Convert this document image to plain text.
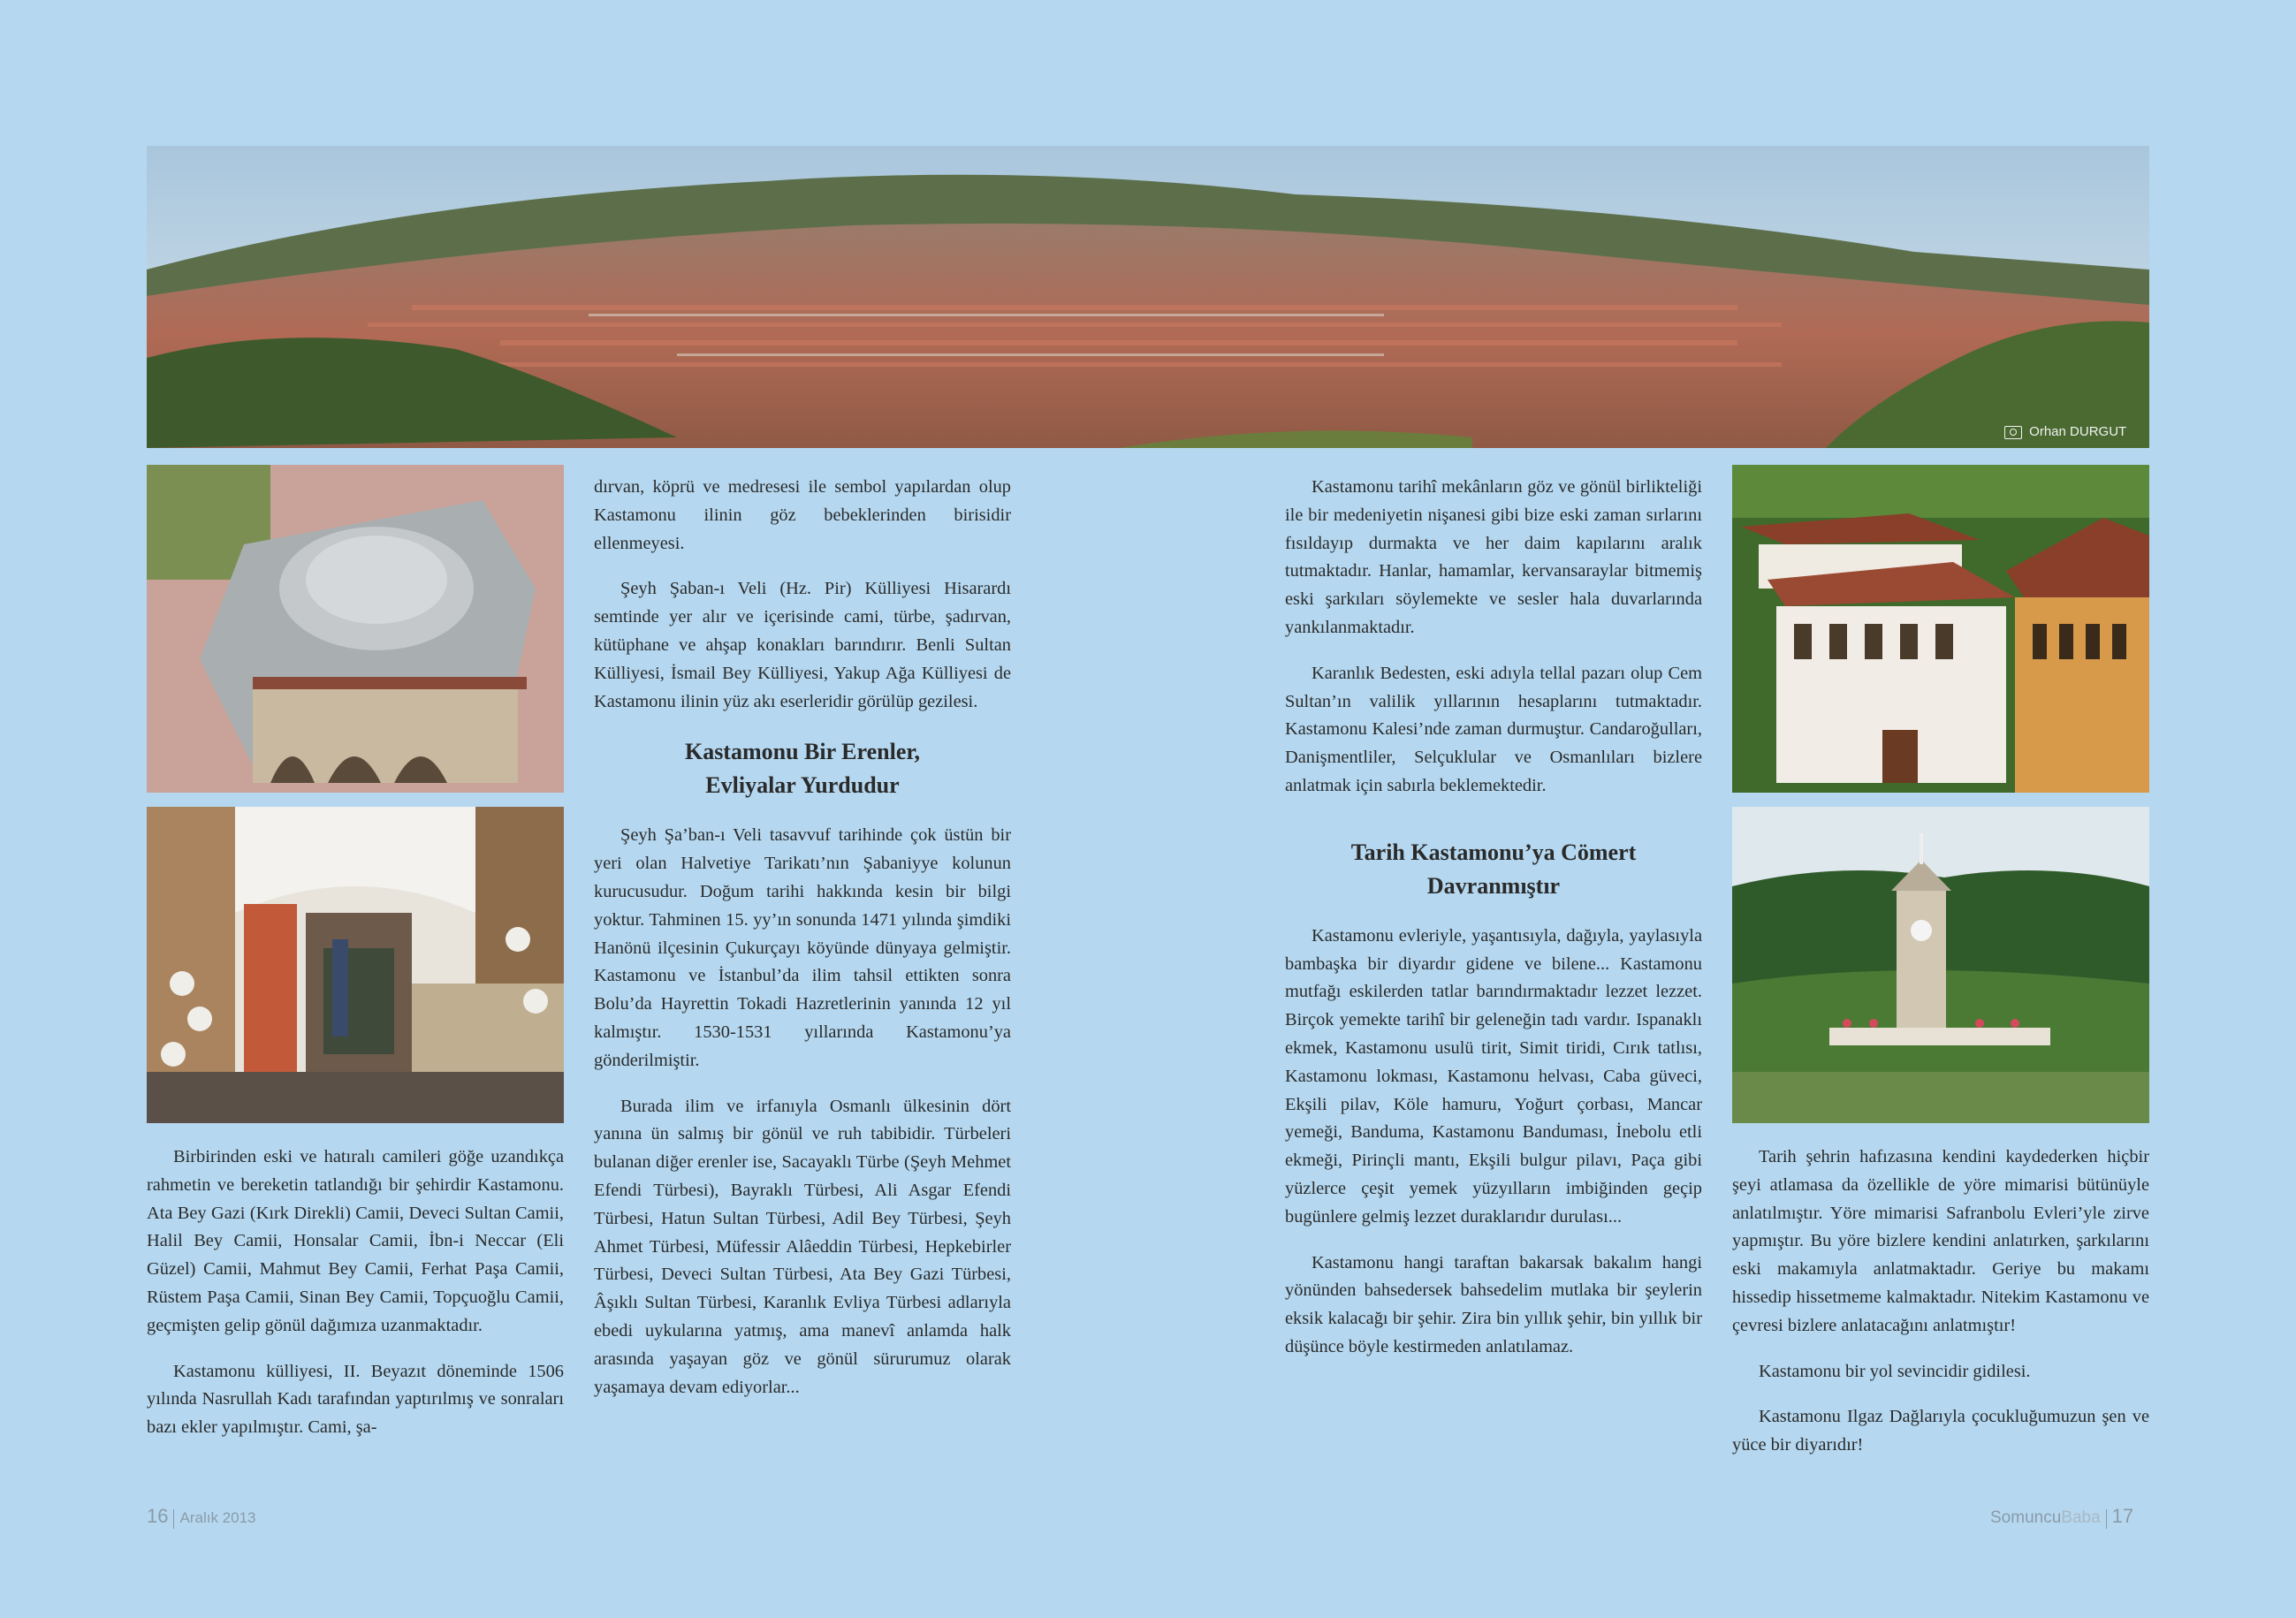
Orhan DURGUT

Birbirinden eski ve hatıralı camileri göğe uzandıkça rahmetin ve bereketin tatlandığı bir şehirdir Kastamonu. Ata Bey Gazi (Kırk Direkli) Camii, Deveci Sultan Camii, Halil Bey Camii, Honsalar Camii, İbn-i Neccar (Eli Güzel) Camii, Mahmut Bey Camii, Ferhat Paşa Camii, Rüstem Paşa Camii, Sinan Bey Camii, Topçuoğlu Camii, geçmişten gelip gönül dağımıza uzanmaktadır.

Kastamonu külliyesi, II. Beyazıt döneminde 1506 yılında Nasrullah Kadı tarafından yaptırılmış ve sonraları bazı ekler yapılmıştır. Cami, şa-

dırvan, köprü ve medresesi ile sembol yapılardan olup Kastamonu ilinin göz bebeklerinden birisidir ellenmeyesi.

Şeyh Şaban-ı Veli (Hz. Pir) Külliyesi Hisarardı semtinde yer alır ve içerisinde cami, türbe, şadırvan, kütüphane ve ahşap konakları barındırır. Benli Sultan Külliyesi, İsmail Bey Külliyesi, Yakup Ağa Külliyesi de Kastamonu ilinin yüz akı eserleridir görülüp gezilesi.

Kastamonu Bir Erenler, Evliyalar Yurdudur

Şeyh Şa’ban-ı Veli tasavvuf tarihinde çok üstün bir yeri olan Halvetiye Tarikatı’nın Şabaniyye kolunun kurucusudur. Doğum tarihi hakkında kesin bir bilgi yoktur. Tahminen 15. yy’ın sonunda 1471 yılında şimdiki Hanönü ilçesinin Çukurçayı köyünde dünyaya gelmiştir. Kastamonu ve İstanbul’da ilim tahsil ettikten sonra Bolu’da Hayrettin Tokadi Hazretlerinin yanında 12 yıl kalmıştır. 1530-1531 yıllarında Kastamonu’ya gönderilmiştir.

Burada ilim ve irfanıyla Osmanlı ülkesinin dört yanına ün salmış bir gönül ve ruh tabibidir. Türbeleri bulanan diğer erenler ise, Sacayaklı Türbe (Şeyh Mehmet Efendi Türbesi), Bayraklı Türbesi, Ali Asgar Efendi Türbesi, Hatun Sultan Türbesi, Adil Bey Türbesi, Şeyh Ahmet Türbesi, Müfessir Alâeddin Türbesi, Hepkebirler Türbesi, Deveci Sultan Türbesi, Ata Bey Gazi Türbesi, Âşıklı Sultan Türbesi, Karanlık Evliya Türbesi adlarıyla ebedi uykularına yatmış, ama manevî anlamda halk arasında yaşayan göz ve gönül sürurumuz olarak yaşamaya devam ediyorlar...

16 Aralık 2013

Kastamonu tarihî mekânların göz ve gönül birlikteliği ile bir medeniyetin nişanesi gibi bize eski zaman sırlarını fısıldayıp durmakta ve her daim kapılarını aralık tutmaktadır. Hanlar, hamamlar, kervansaraylar bitmemiş eski şarkıları söylemekte ve sesler hala duvarlarında yankılanmaktadır.

Karanlık Bedesten, eski adıyla tellal pazarı olup Cem Sultan’ın valilik yıllarının hesaplarını tutmaktadır. Kastamonu Kalesi’nde zaman durmuştur. Candaroğulları, Danişmentliler, Selçuklular ve Osmanlıları bizlere anlatmak için sabırla beklemektedir.

Tarih Kastamonu’ya Cömert Davranmıştır

Kastamonu evleriyle, yaşantısıyla, dağıyla, yaylasıyla bambaşka bir diyardır gidene ve bilene... Kastamonu mutfağı eskilerden tatlar barındırmaktadır lezzet lezzet. Birçok yemekte tarihî bir geleneğin tadı vardır. Ispanaklı ekmek, Kastamonu usulü tirit, Simit tiridi, Cırık tatlısı, Kastamonu lokması, Kastamonu helvası, Caba güveci, Ekşili pilav, Köle hamuru, Yoğurt çorbası, Mancar yemeği, Banduma, Kastamonu Banduması, İnebolu etli ekmeği, Pirinçli mantı, Ekşili bulgur pilavı, Paça gibi yüzlerce çeşit yemek yüzyılların imbiğinden geçip bugünlere gelmiş lezzet duraklarıdır durulası...

Kastamonu hangi taraftan bakarsak bakalım hangi yönünden bahsedersek bahsedelim mutlaka bir şeylerin eksik kalacağı bir şehir. Zira bin yıllık şehir, bin yıllık bir düşünce böyle kestirmeden anlatılamaz.

Tarih şehrin hafızasına kendini kaydederken hiçbir şeyi atlamasa da özellikle de yöre mimarisi bütünüyle anlatılmıştır. Yöre mimarisi Safranbolu Evleri’yle zirve yapmıştır. Bu yöre bizlere kendini anlatırken, şarkılarını eski makamıyla anlatmaktadır. Geriye bu makamı hissedip hissetmeme kalmaktadır. Nitekim Kastamonu ve çevresi bizlere anlatacağını anlatmıştır!

Kastamonu bir yol sevincidir gidilesi.

Kastamonu Ilgaz Dağlarıyla çocukluğumuzun şen ve yüce bir diyarıdır!

SomuncuBaba 17
